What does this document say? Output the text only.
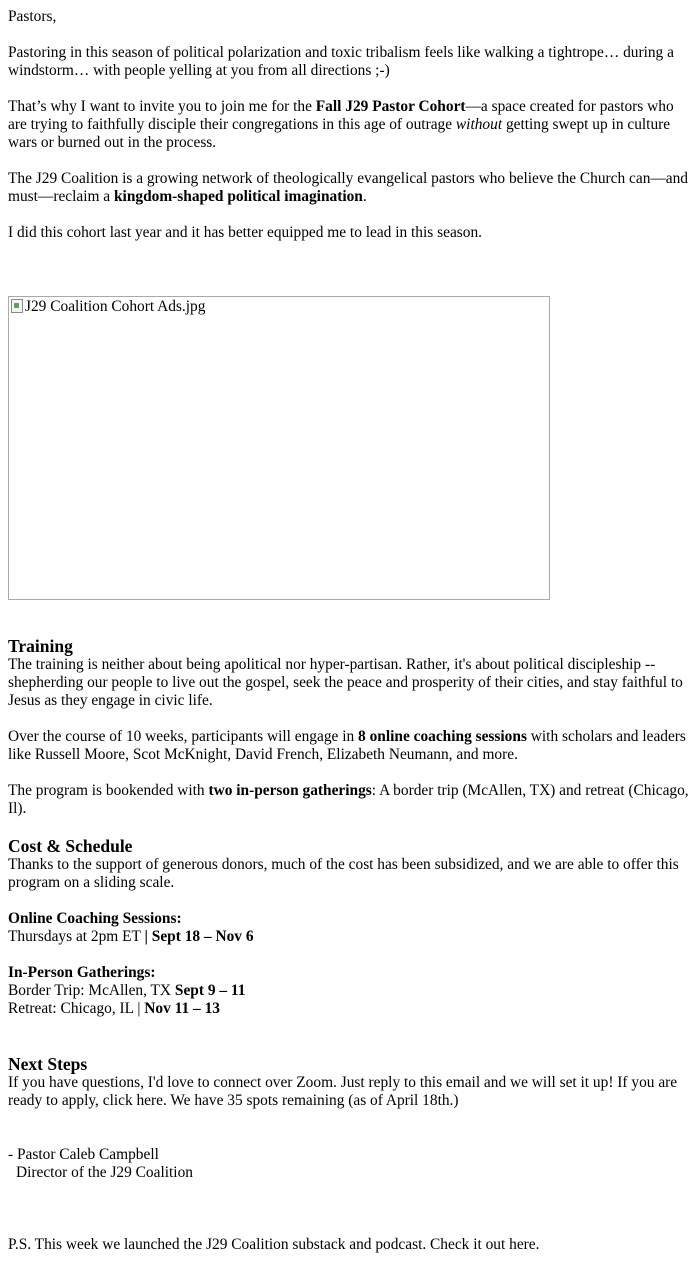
Pastors,

Pastoring in this season of political polarization and toxic tribalism feels like walking a tightrope… during a windstorm… with people yelling at you from all directions ;-)

That’s why I want to invite you to join me for the Fall J29 Pastor Cohort—a space created for pastors who are trying to faithfully disciple their congregations in this age of outrage without getting swept up in culture wars or burned out in the process.

The J29 Coalition is a growing network of theologically evangelical pastors who believe the Church can—and must—reclaim a kingdom-shaped political imagination.

I did this cohort last year and it has better equipped me to lead in this season.

J29 Coalition Cohort Ads.jpg
Training

The training is neither about being apolitical nor hyper-partisan. Rather, it's about political discipleship -- shepherding our people to live out the gospel, seek the peace and prosperity of their cities, and stay faithful to Jesus as they engage in civic life.

Over the course of 10 weeks, participants will engage in 8 online coaching sessions with scholars and leaders like Russell Moore, Scot McKnight, David French, Elizabeth Neumann, and more.

The program is bookended with two in-person gatherings: A border trip (McAllen, TX) and retreat (Chicago, Il).

Cost & Schedule

Thanks to the support of generous donors, much of the cost has been subsidized, and we are able to offer this program on a sliding scale.

Online Coaching Sessions:
Thursdays at 2pm ET | Sept 18 – Nov 6

In-Person Gatherings:
Border Trip: McAllen, TX Sept 9 – 11
Retreat: Chicago, IL | Nov 11 – 13

Next Steps

If you have questions, I'd love to connect over Zoom. Just reply to this email and we will set it up! If you are ready to apply, click here. We have 35 spots remaining (as of April 18th.)

- Pastor Caleb Campbell
Director of the J29 Coalition

P.S. This week we launched the J29 Coalition substack and podcast. Check it out here.
